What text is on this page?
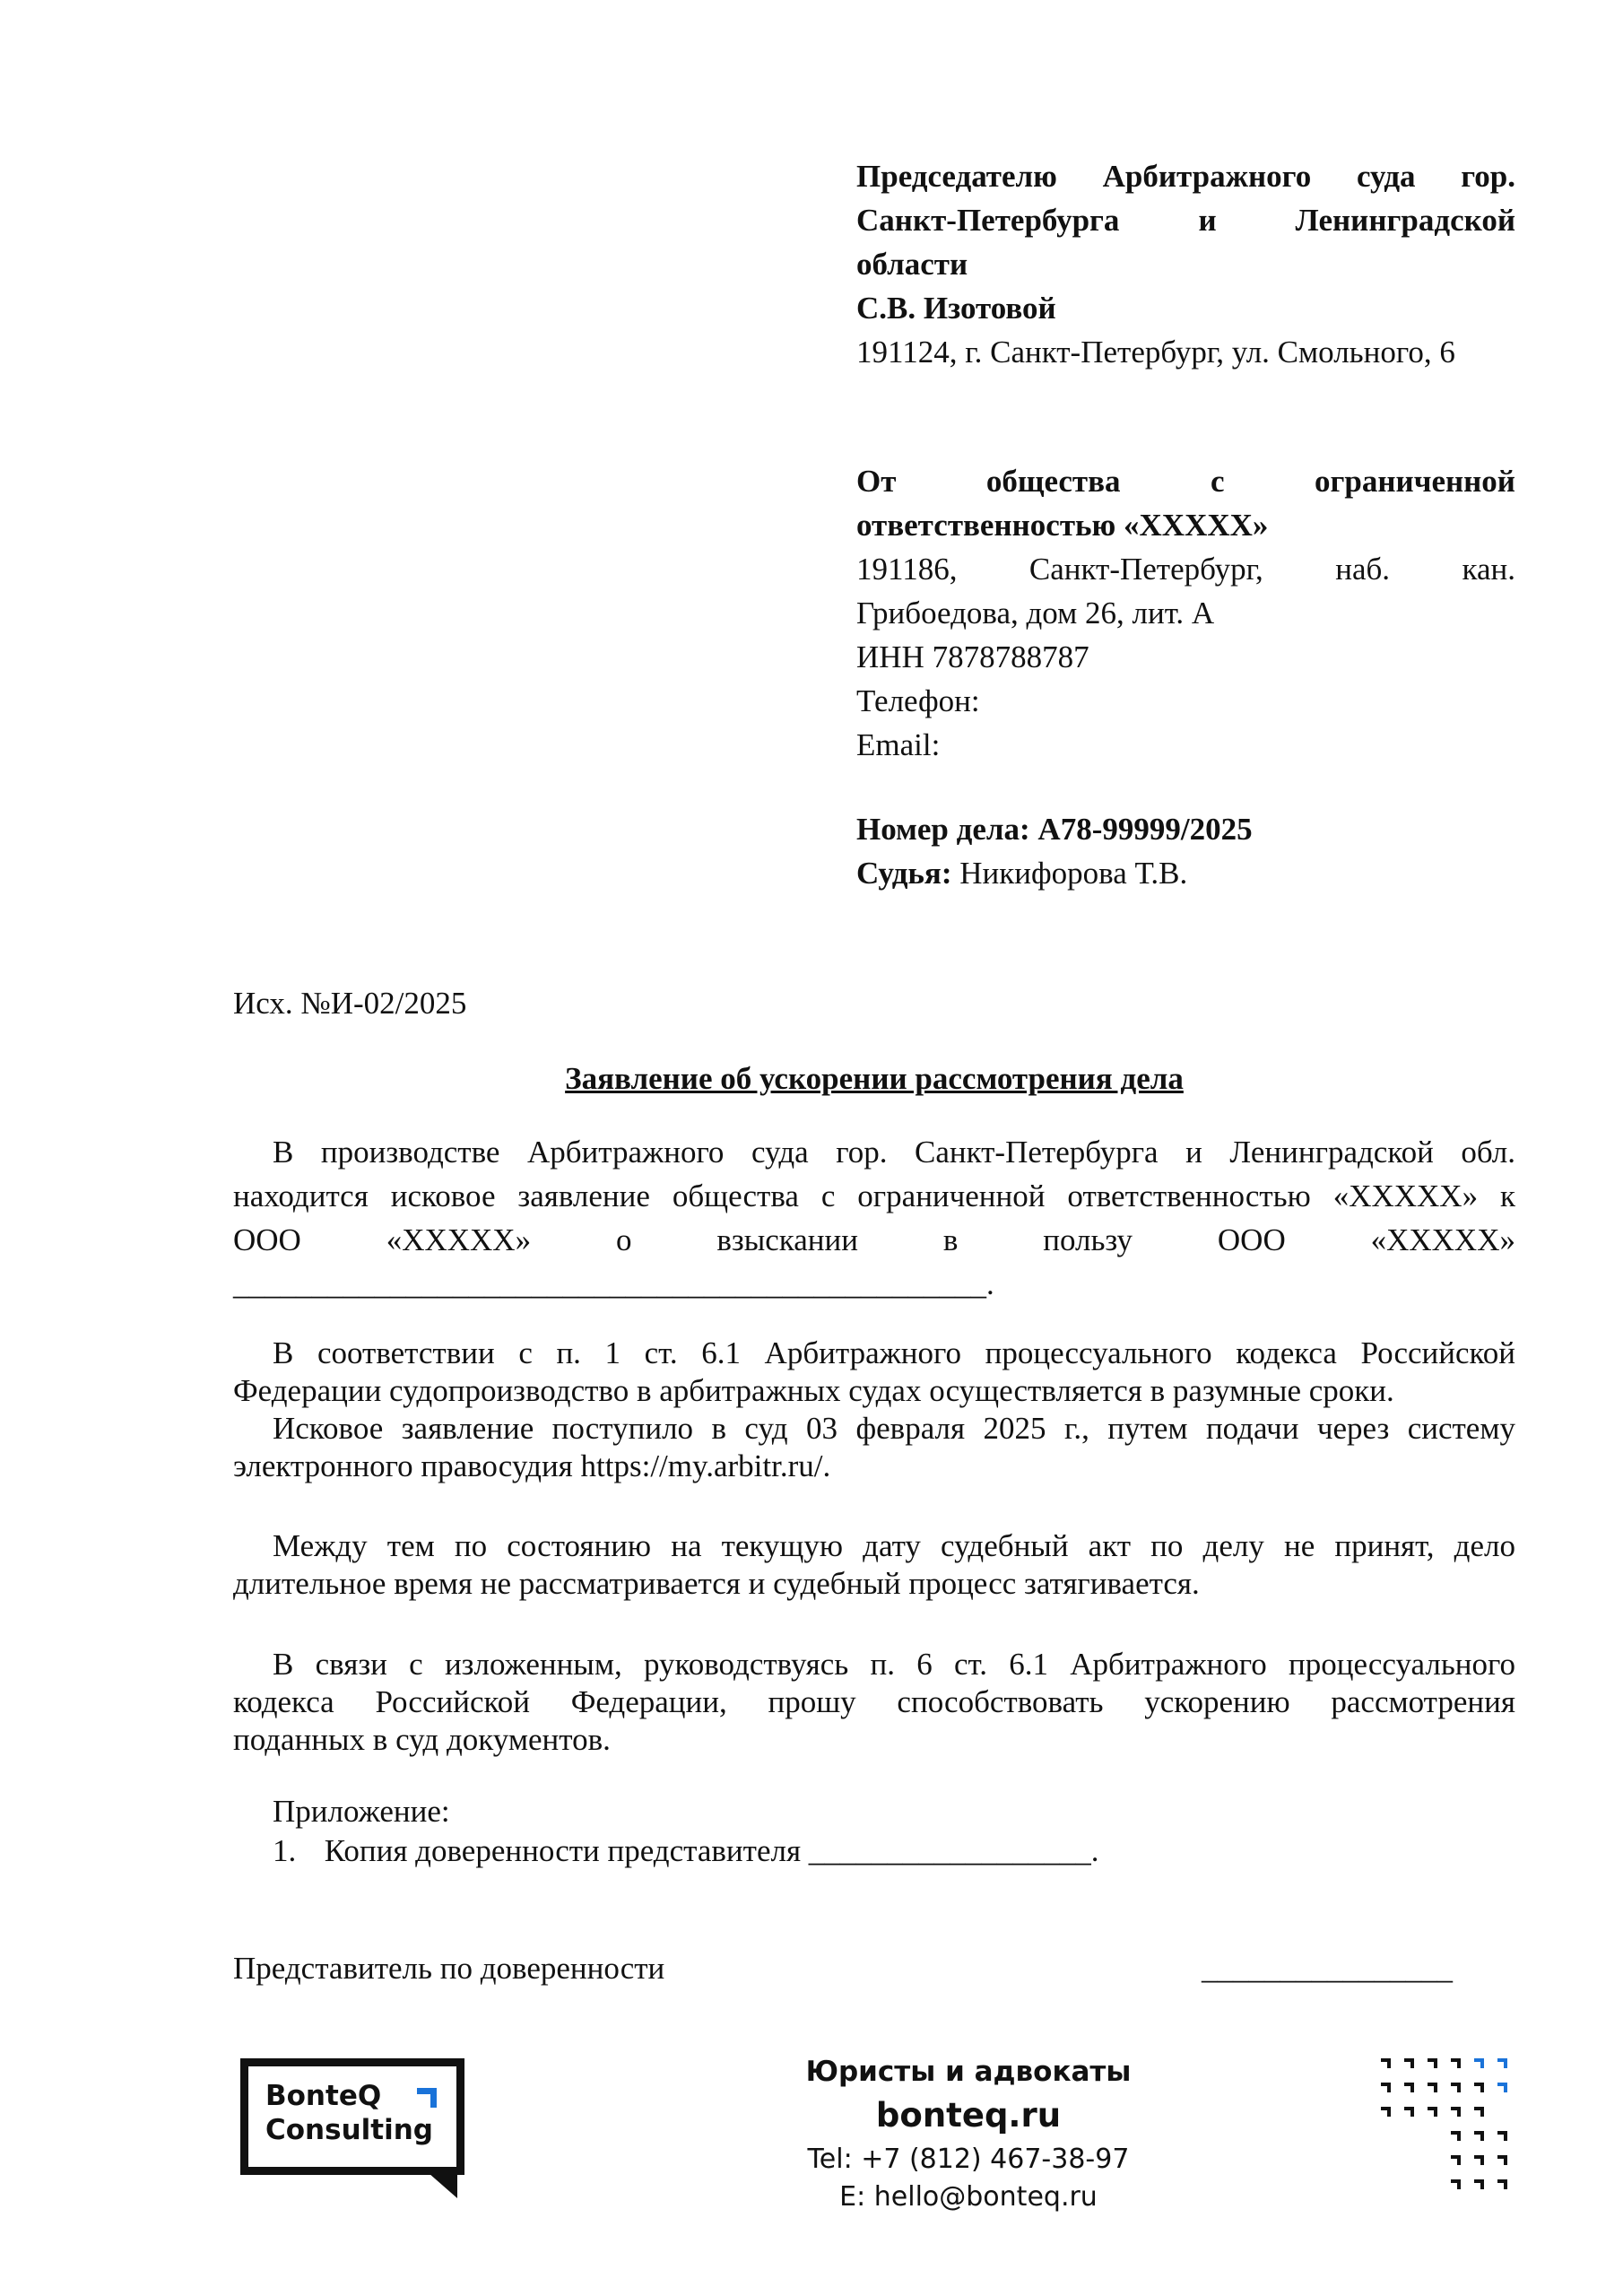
Председателю Арбитражного суда гор.
Санкт-Петербурга	и	Ленинградской
области
С.В. Изотовой
191124, г. Санкт-Петербург, ул. Смольного, 6
От	общества	с	ограниченной
ответственностью «ХХХХХ»
191186, Санкт-Петербург, наб. кан.
Грибоедова, дом 26, лит. А
ИНН 7878788787
Телефон:
Email:
Номер дела: А78-99999/2025
Судья: Никифорова Т.В.
Исх. №И-02/2025
Заявление об ускорении рассмотрения дела
В производстве Арбитражного суда гор. Санкт-Петербурга и Ленинградской обл.
находится исковое заявление общества с ограниченной ответственностью «ХХХХХ» к
ООО	«ХХХХХ»	о	взыскании	в	пользу	ООО	«ХХХХХ»
________________________________________________.
В соответствии с п. 1 ст. 6.1 Арбитражного процессуального кодекса Российской
Федерации судопроизводство в арбитражных судах осуществляется в разумные сроки.
Исковое заявление поступило в суд 03 февраля 2025 г., путем подачи через систему
электронного правосудия https://my.arbitr.ru/.
Между тем по состоянию на текущую дату судебный акт по делу не принят, дело
длительное время не рассматривается и судебный процесс затягивается.
В связи с изложенным, руководствуясь п. 6 ст. 6.1 Арбитражного процессуального
кодекса Российской Федерации, прошу способствовать ускорению рассмотрения
поданных в суд документов.
Приложение:
1. Копия доверенности представителя __________________.
Представитель по доверенности	________________
BonteQ
Consulting
Юристы и адвокаты
bonteq.ru
Tel: +7 (812) 467-38-97
E: hello@bonteq.ru
